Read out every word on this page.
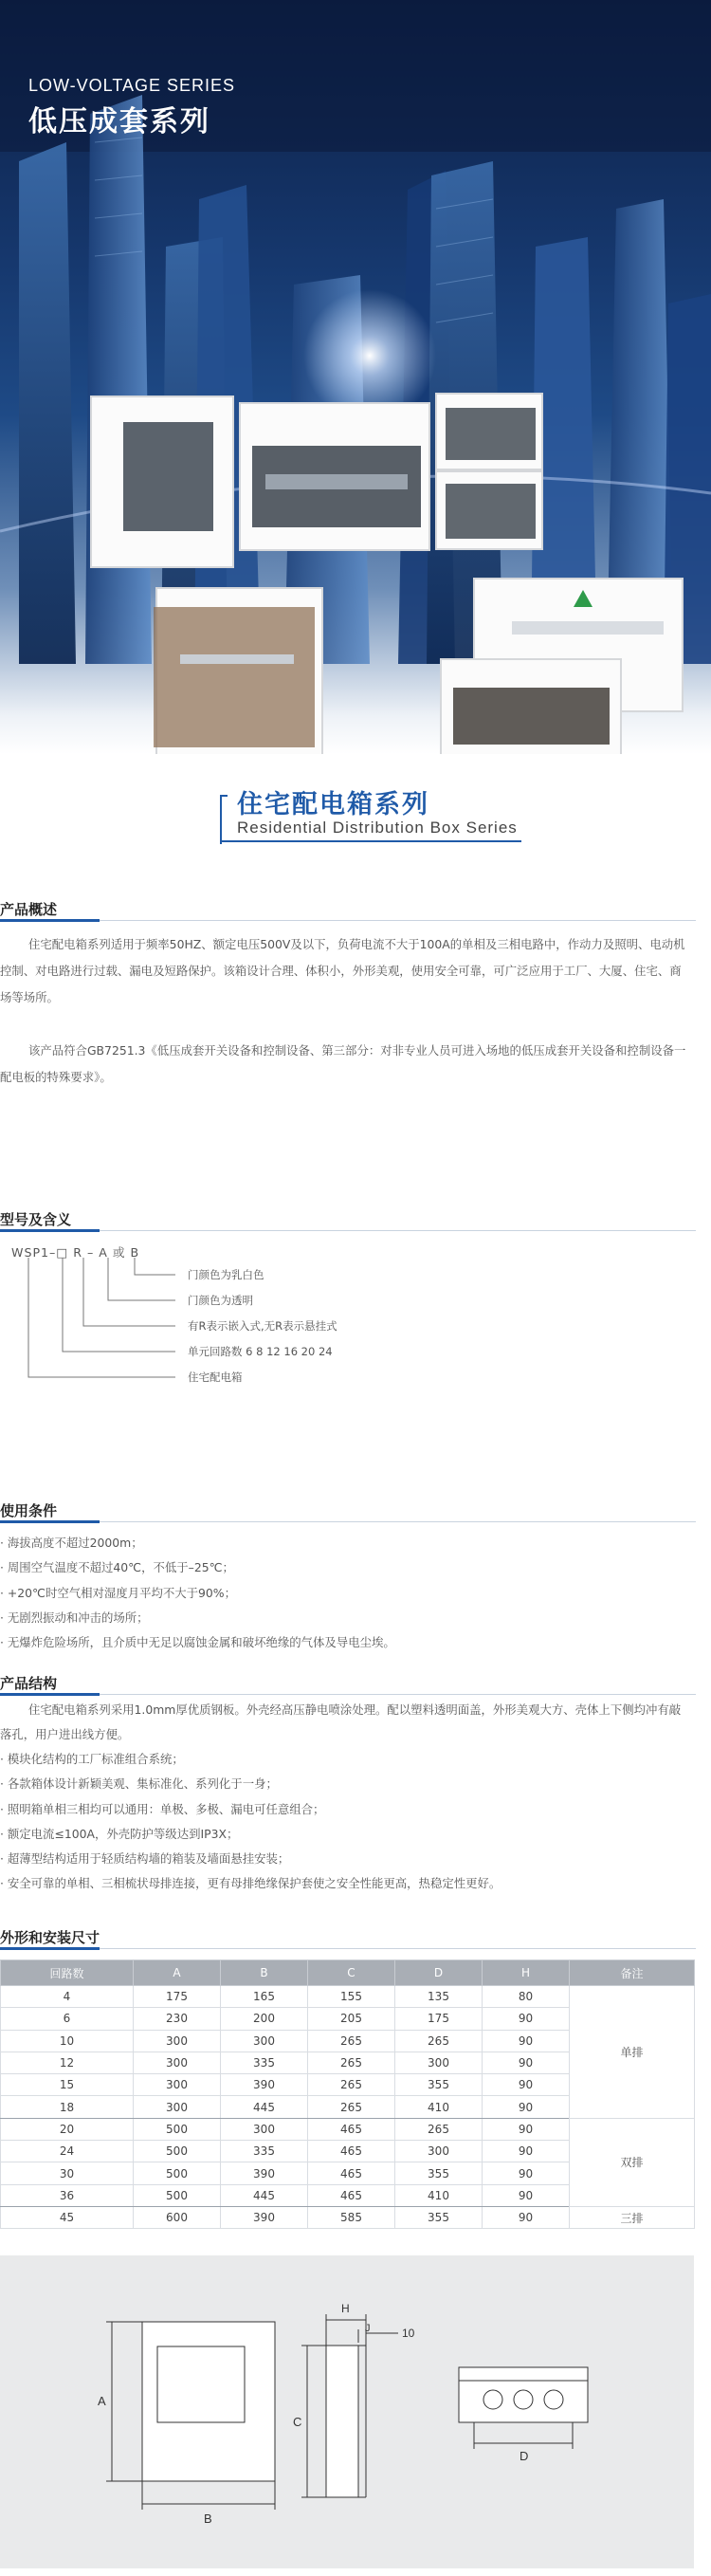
LOW-VOLTAGE SERIES
低压成套系列
住宅配电箱系列
Residential Distribution Box Series
产品概述
住宅配电箱系列适用于频率50HZ、额定电压500V及以下，负荷电流不大于100A的单相及三相电路中，作动力及照明、电动机控制、对电路进行过载、漏电及短路保护。该箱设计合理、体积小，外形美观，使用安全可靠，可广泛应用于工厂、大厦、住宅、商场等场所。
该产品符合GB7251.3《低压成套开关设备和控制设备、第三部分：对非专业人员可进入场地的低压成套开关设备和控制设备一配电板的特殊要求》。
型号及含义
WSP1–□ R – A 或 B
门颜色为乳白色
门颜色为透明
有R表示嵌入式,无R表示悬挂式
单元回路数 6 8 12 16 20 24
住宅配电箱
使用条件
· 海拔高度不超过2000m；
· 周围空气温度不超过40℃，不低于–25℃；
· +20℃时空气相对湿度月平均不大于90%；
· 无剧烈振动和冲击的场所；
· 无爆炸危险场所，且介质中无足以腐蚀金属和破坏绝缘的气体及导电尘埃。
产品结构
住宅配电箱系列采用1.0mm厚优质钢板。外壳经高压静电喷涂处理。配以塑料透明面盖，外形美观大方、壳体上下侧均冲有敲落孔，用户进出线方便。
· 模块化结构的工厂标准组合系统；
· 各款箱体设计新颖美观、集标准化、系列化于一身；
· 照明箱单相三相均可以通用：单极、多极、漏电可任意组合；
· 额定电流≤100A，外壳防护等级达到IP3X；
· 超薄型结构适用于轻质结构墙的箱装及墙面悬挂安装；
· 安全可靠的单相、三相梳状母排连接，更有母排绝缘保护套使之安全性能更高，热稳定性更好。
外形和安装尺寸
回路数	A	B	C	D	H	备注
4	175	165	155	135	80	单排
6	230	200	205	175	90	
10	300	300	265	265	90	
12	300	335	265	300	90	
15	300	390	265	355	90	
18	300	445	265	410	90	
20	500	300	465	265	90	双排
24	500	335	465	300	90	
30	500	390	465	355	90	
36	500	445	465	410	90	
45	600	390	585	355	90	三排
A
B
C
D
H
J	10
